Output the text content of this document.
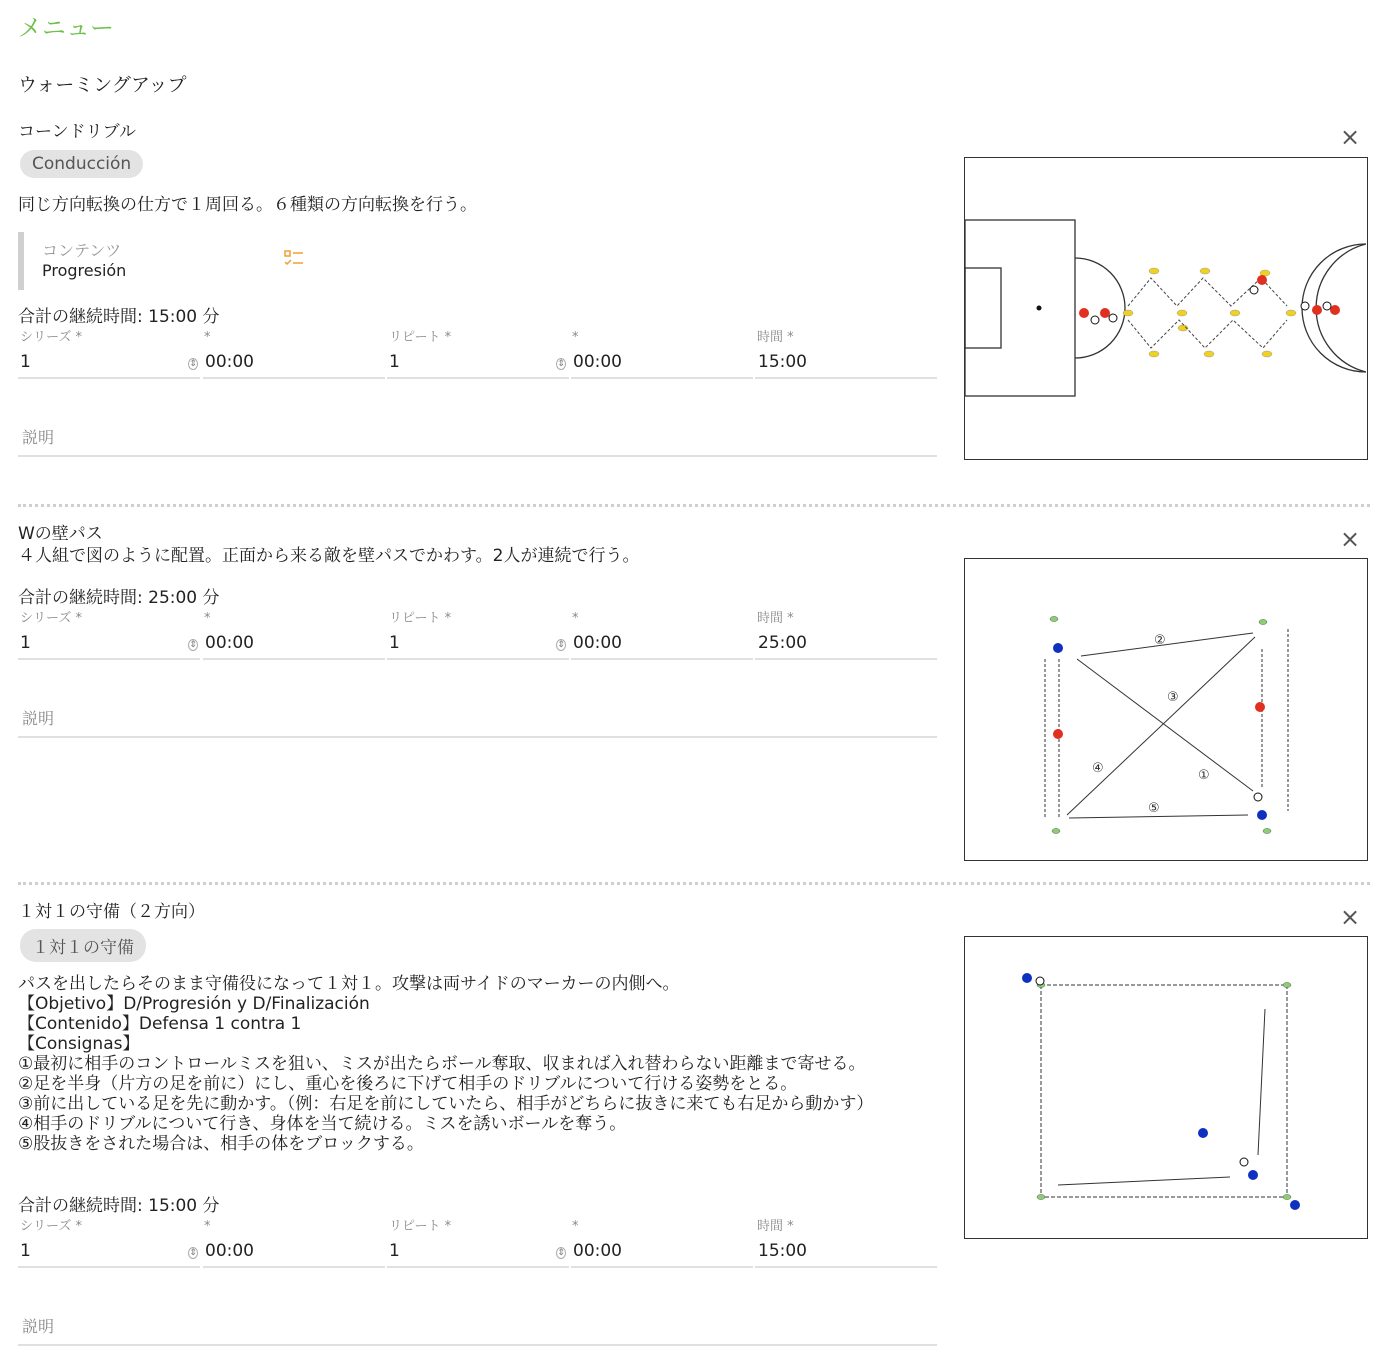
メニュー
ウォーミングアップ
コーンドリブル
Conducción
同じ方向転換の仕方で１周回る。６種類の方向転換を行う。
コンテンツ
Progresión
合計の継続時間: 15:00 分
シリーズ *
1	⇕
*
00:00
リピート *
1	⇕
*
00:00
時間 *
15:00
説明
×
Wの壁パス
４人組で図のように配置。正面から来る敵を壁パスでかわす。2人が連続で行う。
合計の継続時間: 25:00 分
シリーズ *
1	⇕
*
00:00
リピート *
1	⇕
*
00:00
時間 *
25:00
説明
×
②
③
④	①
⑤
１対１の守備（２方向）
１対１の守備
パスを出したらそのまま守備役になって１対１。攻撃は両サイドのマーカーの内側へ。
【Objetivo】D/Progresión y D/Finalización
【Contenido】Defensa 1 contra 1
【Consignas】
①最初に相手のコントロールミスを狙い、ミスが出たらボール奪取、収まれば入れ替わらない距離まで寄せる。
②足を半身（片方の足を前に）にし、重心を後ろに下げて相手のドリブルについて行ける姿勢をとる。
③前に出している足を先に動かす。（例：右足を前にしていたら、相手がどちらに抜きに来ても右足から動かす）
④相手のドリブルについて行き、身体を当て続ける。ミスを誘いボールを奪う。
⑤股抜きをされた場合は、相手の体をブロックする。
合計の継続時間: 15:00 分
シリーズ *
1	⇕
*
00:00
リピート *
1	⇕
*
00:00
時間 *
15:00
説明
×
